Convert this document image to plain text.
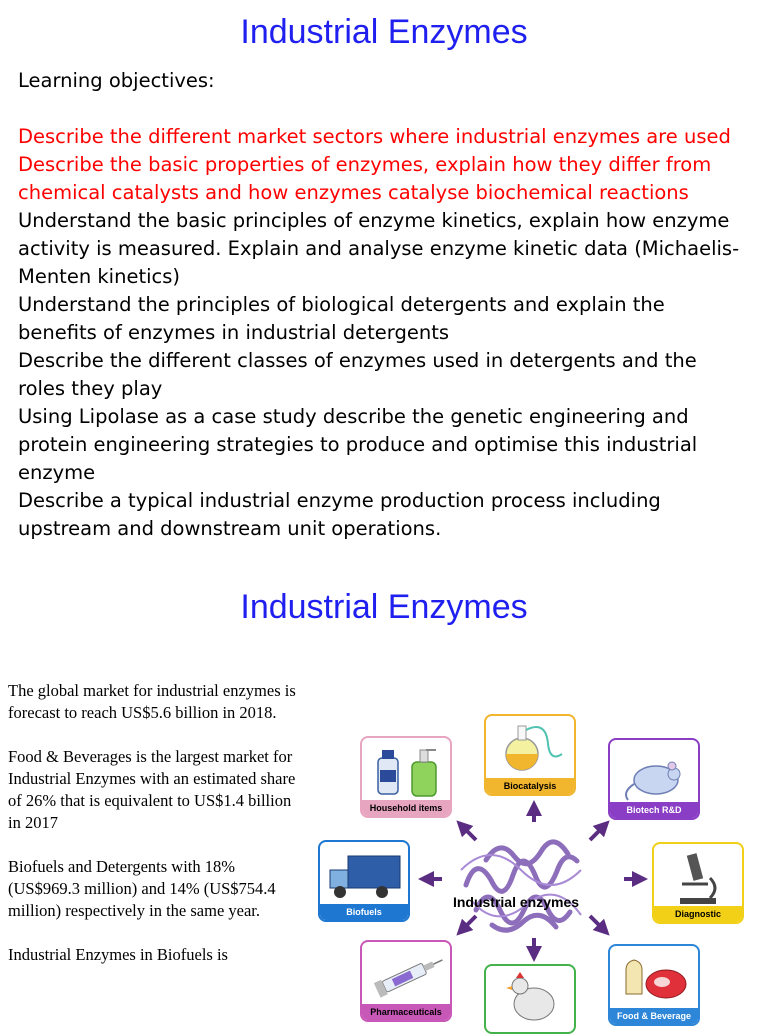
Industrial Enzymes
Learning objectives:
Describe the different market sectors where industrial enzymes are used
Describe the basic properties of enzymes, explain how they differ from chemical catalysts and how enzymes catalyse biochemical reactions
Understand the basic principles of enzyme kinetics, explain how enzyme activity is measured. Explain and analyse enzyme kinetic data (Michaelis-Menten kinetics)
Understand the principles of biological detergents and explain the benefits of enzymes in industrial detergents
Describe the different classes of enzymes used in detergents and the roles they play
Using Lipolase as a case study describe the genetic engineering and protein engineering strategies to produce and optimise this industrial enzyme
Describe a typical industrial enzyme production process including upstream and downstream unit operations.
Industrial Enzymes

The global market for industrial enzymes is forecast to reach US$5.6 billion in 2018.

Food & Beverages is the largest market for Industrial Enzymes with an estimated share of 26% that is equivalent to US$1.4 billion in 2017

Biofuels and Detergents with 18% (US$969.3 million) and 14% (US$754.4 million) respectively in the same year.

Industrial Enzymes in Biofuels is

Industrial enzymes
Household items
Biocatalysis
Biotech R&D
Biofuels	Diagnostic
Pharmaceuticals	Food & Beverage
